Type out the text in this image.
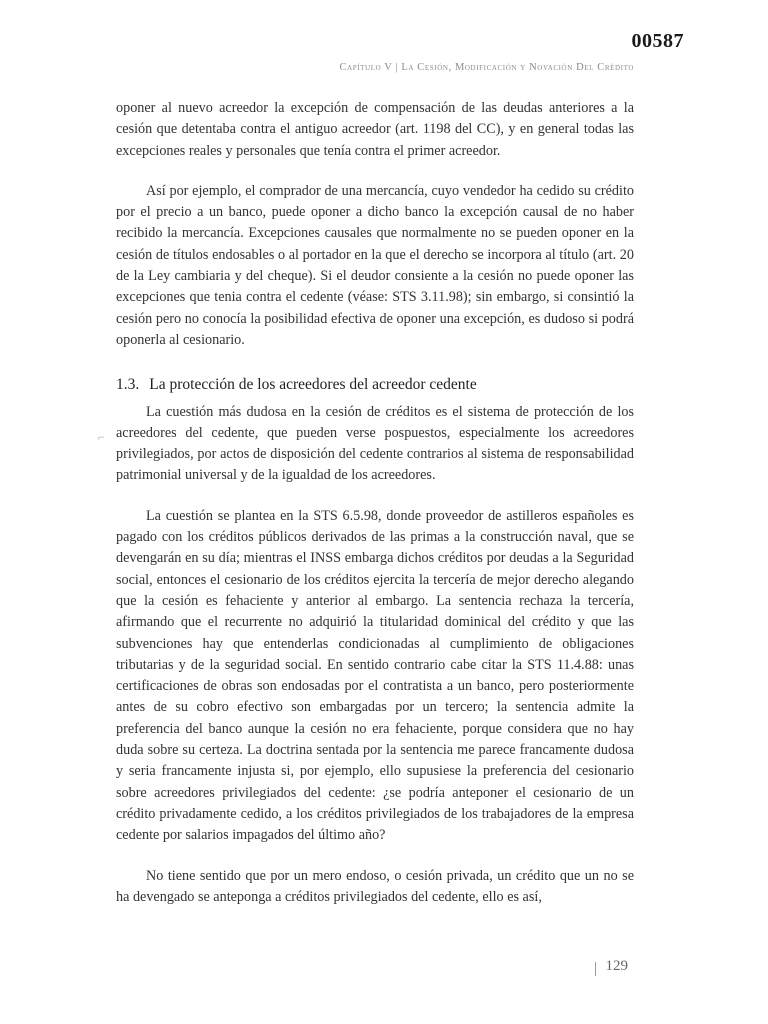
00587
Capítulo V | La Cesión, Modificación y Novación Del Crédito
⌐

oponer al nuevo acreedor la excepción de compensación de las deudas anteriores a la cesión que detentaba contra el antiguo acreedor (art. 1198 del CC), y en general todas las excepciones reales y personales que tenía contra el primer acreedor.

Así por ejemplo, el comprador de una mercancía, cuyo vendedor ha cedido su crédito por el precio a un banco, puede oponer a dicho banco la excepción causal de no haber recibido la mercancía. Excepciones causales que normalmente no se pueden oponer en la cesión de títulos endosables o al portador en la que el derecho se incorpora al título (art. 20 de la Ley cambiaria y del cheque). Si el deudor consiente a la cesión no puede oponer las excepciones que tenia contra el cedente (véase: STS 3.11.98); sin embargo, si consintió la cesión pero no conocía la posibilidad efectiva de oponer una excepción, es dudoso si podrá oponerla al cesionario.

1.3. La protección de los acreedores del acreedor cedente

La cuestión más dudosa en la cesión de créditos es el sistema de protección de los acreedores del cedente, que pueden verse pospuestos, especialmente los acreedores privilegiados, por actos de disposición del cedente contrarios al sistema de responsabilidad patrimonial universal y de la igualdad de los acreedores.

La cuestión se plantea en la STS 6.5.98, donde proveedor de astilleros españoles es pagado con los créditos públicos derivados de las primas a la construcción naval, que se devengarán en su día; mientras el INSS embarga dichos créditos por deudas a la Seguridad social, entonces el cesionario de los créditos ejercita la tercería de mejor derecho alegando que la cesión es fehaciente y anterior al embargo. La sentencia rechaza la tercería, afirmando que el recurrente no adquirió la titularidad dominical del crédito y que las subvenciones hay que entenderlas condicionadas al cumplimiento de obligaciones tributarias y de la seguridad social. En sentido contrario cabe citar la STS 11.4.88: unas certificaciones de obras son endosadas por el contratista a un banco, pero posteriormente antes de su cobro efectivo son embargadas por un tercero; la sentencia admite la preferencia del banco aunque la cesión no era fehaciente, porque considera que no hay duda sobre su certeza. La doctrina sentada por la sentencia me parece francamente dudosa y seria francamente injusta si, por ejemplo, ello supusiese la preferencia del cesionario sobre acreedores privilegiados del cedente: ¿se podría anteponer el cesionario de un crédito privadamente cedido, a los créditos privilegiados de los trabajadores de la empresa cedente por salarios impagados del último año?

No tiene sentido que por un mero endoso, o cesión privada, un crédito que un no se ha devengado se anteponga a créditos privilegiados del cedente, ello es así,

129
